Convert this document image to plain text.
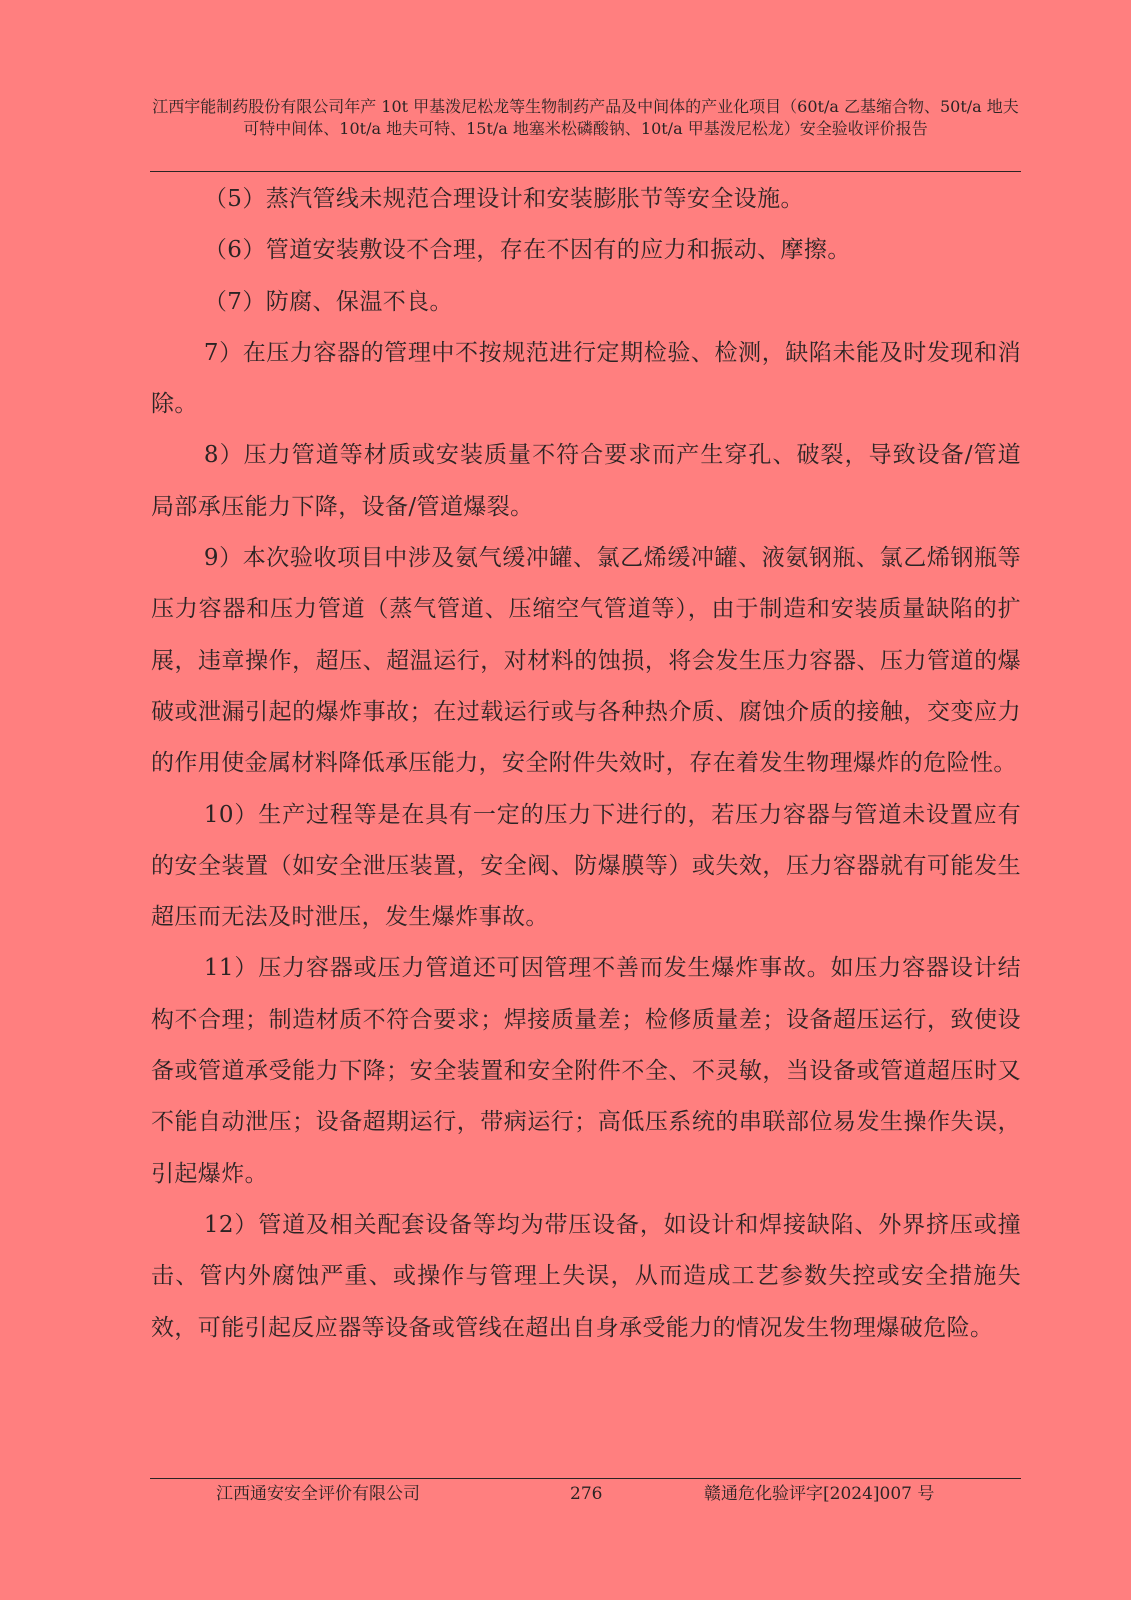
江西宇能制药股份有限公司年产 10t 甲基泼尼松龙等生物制药产品及中间体的产业化项目（60t/a 乙基缩合物、50t/a 地夫可特中间体、10t/a 地夫可特、15t/a 地塞米松磷酸钠、10t/a 甲基泼尼松龙）安全验收评价报告

（5）蒸汽管线未规范合理设计和安装膨胀节等安全设施。

（6）管道安装敷设不合理，存在不因有的应力和振动、摩擦。

（7）防腐、保温不良。

7）在压力容器的管理中不按规范进行定期检验、检测，缺陷未能及时发现和消除。

8）压力管道等材质或安装质量不符合要求而产生穿孔、破裂，导致设备/管道局部承压能力下降，设备/管道爆裂。

9）本次验收项目中涉及氨气缓冲罐、氯乙烯缓冲罐、液氨钢瓶、氯乙烯钢瓶等压力容器和压力管道（蒸气管道、压缩空气管道等），由于制造和安装质量缺陷的扩展，违章操作，超压、超温运行，对材料的蚀损，将会发生压力容器、压力管道的爆破或泄漏引起的爆炸事故；在过载运行或与各种热介质、腐蚀介质的接触，交变应力的作用使金属材料降低承压能力，安全附件失效时，存在着发生物理爆炸的危险性。

10）生产过程等是在具有一定的压力下进行的，若压力容器与管道未设置应有的安全装置（如安全泄压装置，安全阀、防爆膜等）或失效，压力容器就有可能发生超压而无法及时泄压，发生爆炸事故。

11）压力容器或压力管道还可因管理不善而发生爆炸事故。如压力容器设计结构不合理；制造材质不符合要求；焊接质量差；检修质量差；设备超压运行，致使设备或管道承受能力下降；安全装置和安全附件不全、不灵敏，当设备或管道超压时又不能自动泄压；设备超期运行，带病运行；高低压系统的串联部位易发生操作失误，引起爆炸。

12）管道及相关配套设备等均为带压设备，如设计和焊接缺陷、外界挤压或撞击、管内外腐蚀严重、或操作与管理上失误，从而造成工艺参数失控或安全措施失效，可能引起反应器等设备或管线在超出自身承受能力的情况发生物理爆破危险。

江西通安安全评价有限公司	276	赣通危化验评字[2024]007 号
